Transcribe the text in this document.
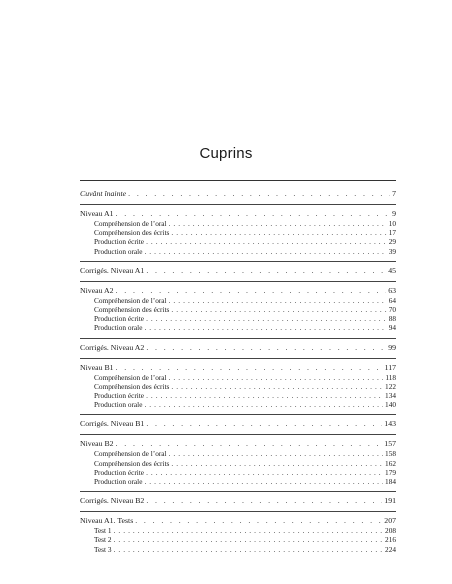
Cuprins
Cuvânt înainte . . .	7
Niveau A1 . . .	9
Compréhension de l’oral . . .	10
Compréhension des écrits . . .	17
Production écrite . . .	29
Production orale . . .	39
Corrigés. Niveau A1 . . .	45
Niveau A2 . . .	63
Compréhension de l’oral . . .	64
Compréhension des écrits . . .	70
Production écrite . . .	88
Production orale . . .	94
Corrigés. Niveau A2 . . .	99
Niveau B1 . . .	117
Compréhension de l’oral . . .	118
Compréhension des écrits . . .	122
Production écrite . . .	134
Production orale . . .	140
Corrigés. Niveau B1 . . .	143
Niveau B2 . . .	157
Compréhension de l’oral . . .	158
Compréhension des écrits . . .	162
Production écrite . . .	179
Production orale . . .	184
Corrigés. Niveau B2 . . .	191
Niveau A1. Tests . . .	207
Test 1 . . .	208
Test 2 . . .	216
Test 3 . . .	224
